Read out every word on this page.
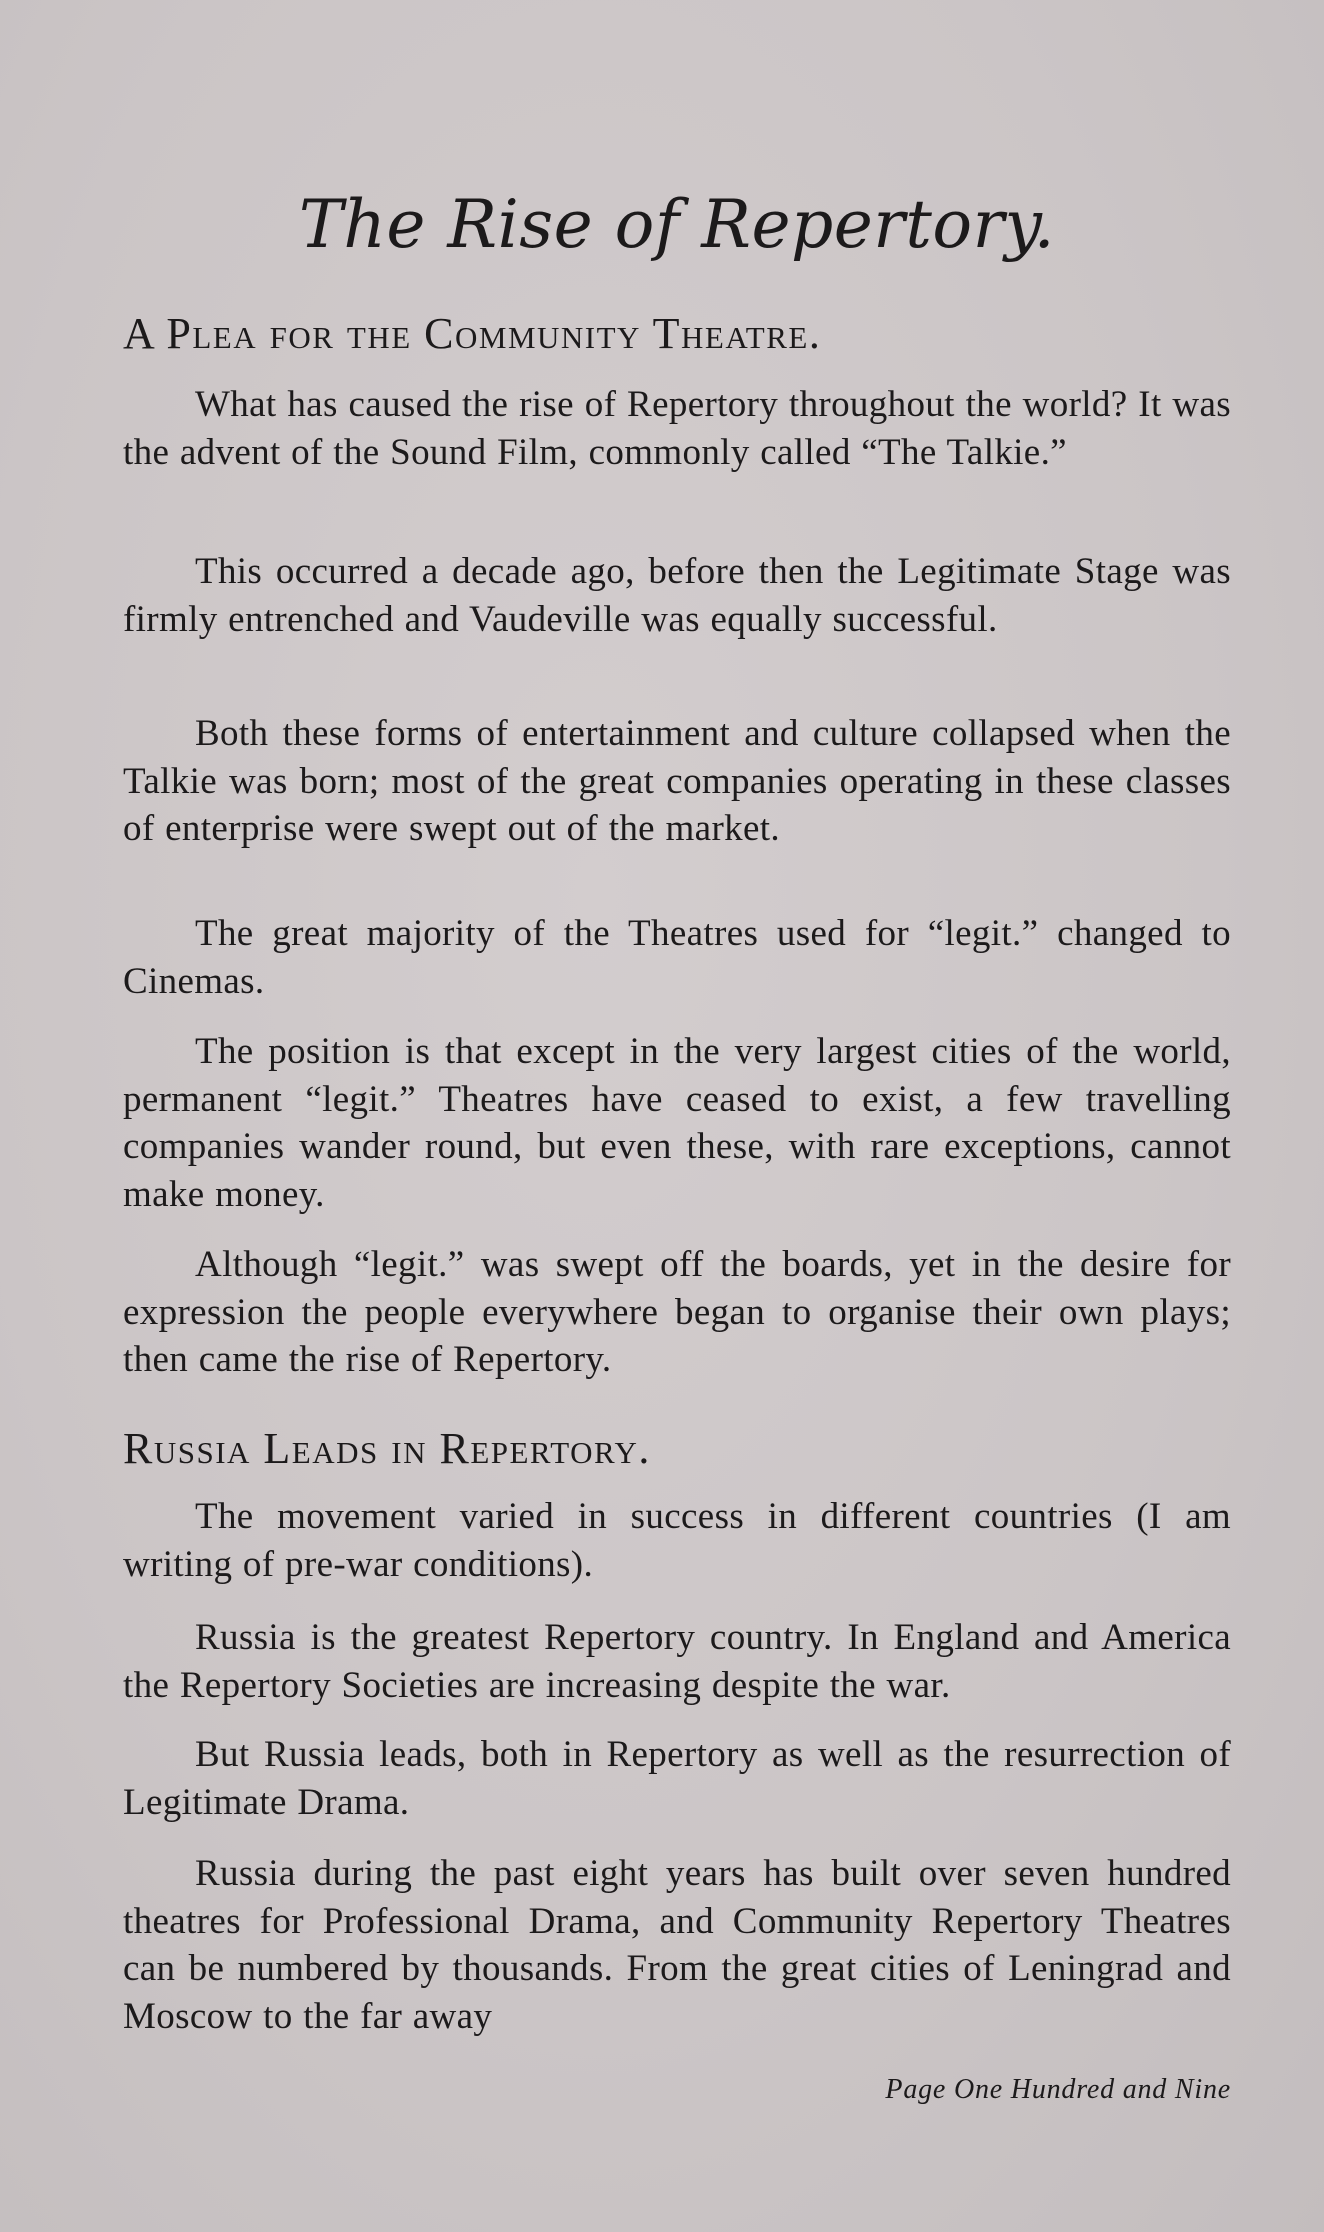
The Rise of Repertory.
A Plea for the Community Theatre.

What has caused the rise of Repertory throughout the world? It was the advent of the Sound Film, commonly called “The Talkie.”

This occurred a decade ago, before then the Legitimate Stage was firmly entrenched and Vaudeville was equally successful.

Both these forms of entertainment and culture collapsed when the Talkie was born; most of the great companies operating in these classes of enterprise were swept out of the market.

The great majority of the Theatres used for “legit.” changed to Cinemas.

The position is that except in the very largest cities of the world, permanent “legit.” Theatres have ceased to exist, a few travelling companies wander round, but even these, with rare exceptions, cannot make money.

Although “legit.” was swept off the boards, yet in the desire for expression the people everywhere began to organise their own plays; then came the rise of Repertory.

Russia Leads in Repertory.

The movement varied in success in different countries (I am writing of pre-war conditions).

Russia is the greatest Repertory country. In England and America the Repertory Societies are increasing despite the war.

But Russia leads, both in Repertory as well as the resurrection of Legitimate Drama.

Russia during the past eight years has built over seven hundred theatres for Professional Drama, and Community Repertory Theatres can be numbered by thousands. From the great cities of Leningrad and Moscow to the far away

Page One Hundred and Nine
